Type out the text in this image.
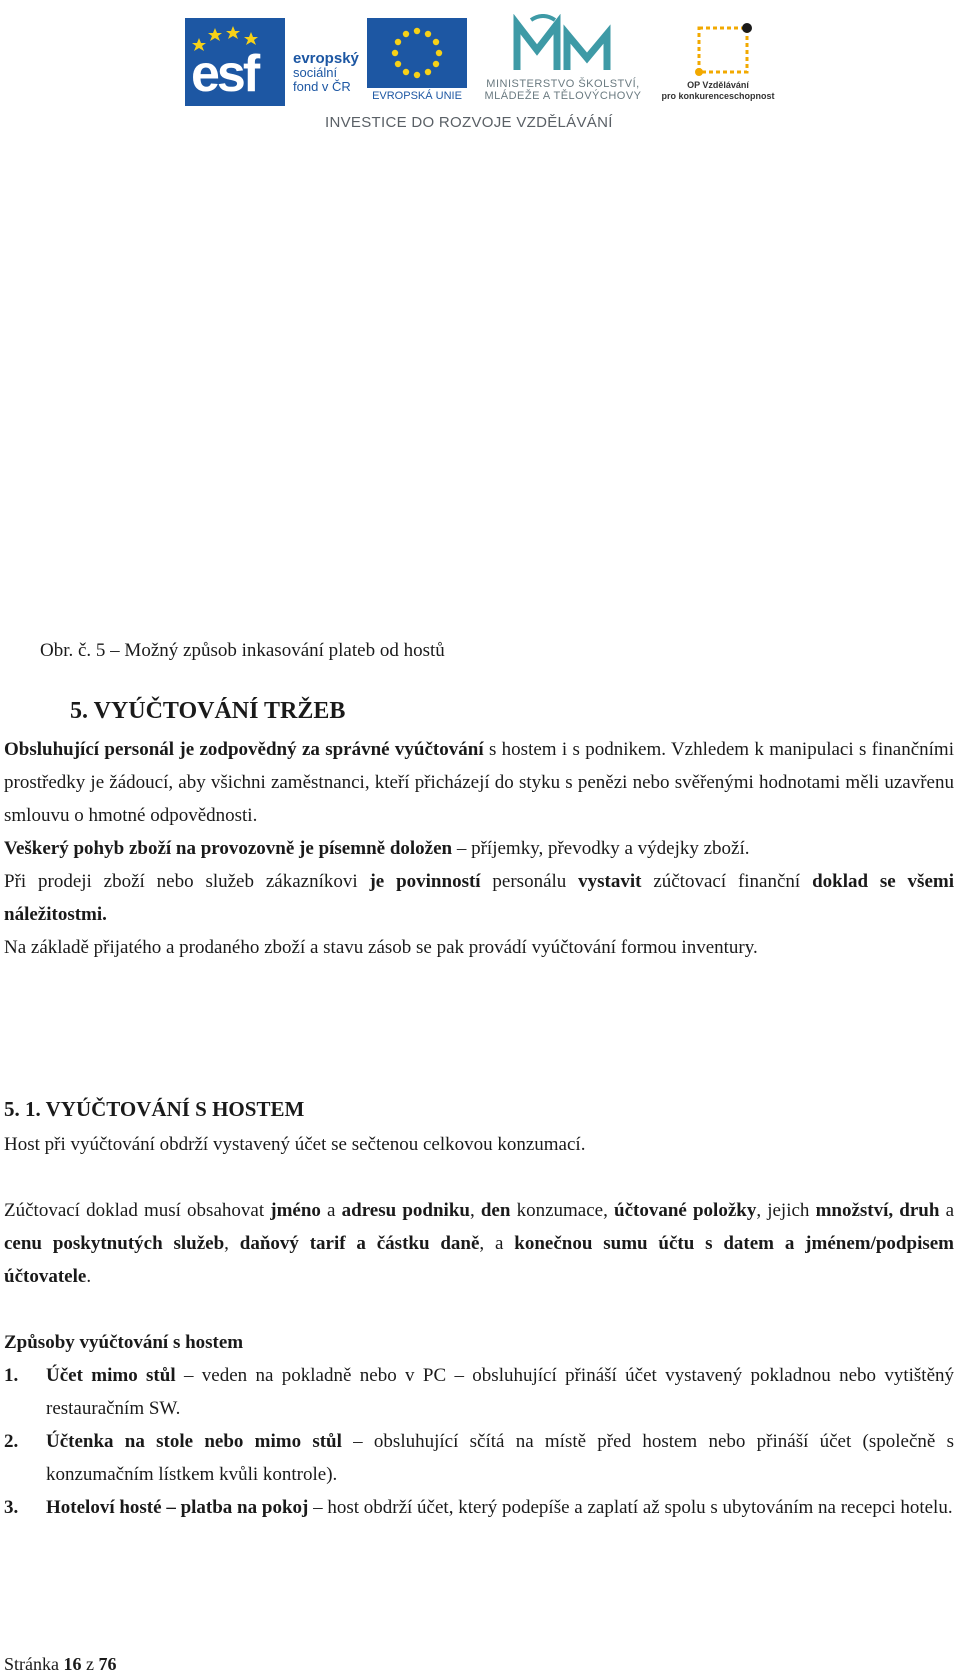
esf evropský
sociální
fond v ČR
EVROPSKÁ UNIE
MINISTERSTVO ŠKOLSTVÍ,
MLÁDEŽE A TĚLOVÝCHOVY
OP Vzdělávání
pro konkurenceschopnost
INVESTICE DO ROZVOJE VZDĚLÁVÁNÍ
Obr. č. 5 – Možný způsob inkasování plateb od hostů
5. VYÚČTOVÁNÍ TRŽEB

Obsluhující personál je zodpovědný za správné vyúčtování s hostem i s podnikem. Vzhledem k manipulaci s finančními prostředky je žádoucí, aby všichni zaměstnanci, kteří přicházejí do styku s penězi nebo svěřenými hodnotami měli uzavřenu smlouvu o hmotné odpovědnosti.

Veškerý pohyb zboží na provozovně je písemně doložen – příjemky, převodky a výdejky zboží.

Při prodeji zboží nebo služeb zákazníkovi je povinností personálu vystavit zúčtovací finanční doklad se všemi náležitostmi.

Na základě přijatého a prodaného zboží a stavu zásob se pak provádí vyúčtování formou inventury.

5. 1. VYÚČTOVÁNÍ S HOSTEM

Host při vyúčtování obdrží vystavený účet se sečtenou celkovou konzumací.

Zúčtovací doklad musí obsahovat jméno a adresu podniku, den konzumace, účtované položky, jejich množství, druh a cenu poskytnutých služeb, daňový tarif a částku daně, a konečnou sumu účtu s datem a jménem/podpisem účtovatele.

Způsoby vyúčtování s hostem

1. Účet mimo stůl – veden na pokladně nebo v PC – obsluhující přináší účet vystavený pokladnou nebo vytištěný restauračním SW.
2. Účtenka na stole nebo mimo stůl – obsluhující sčítá na místě před hostem nebo přináší účet (společně s konzumačním lístkem kvůli kontrole).
3. Hoteloví hosté – platba na pokoj – host obdrží účet, který podepíše a zaplatí až spolu s ubytováním na recepci hotelu.
Stránka 16 z 76
